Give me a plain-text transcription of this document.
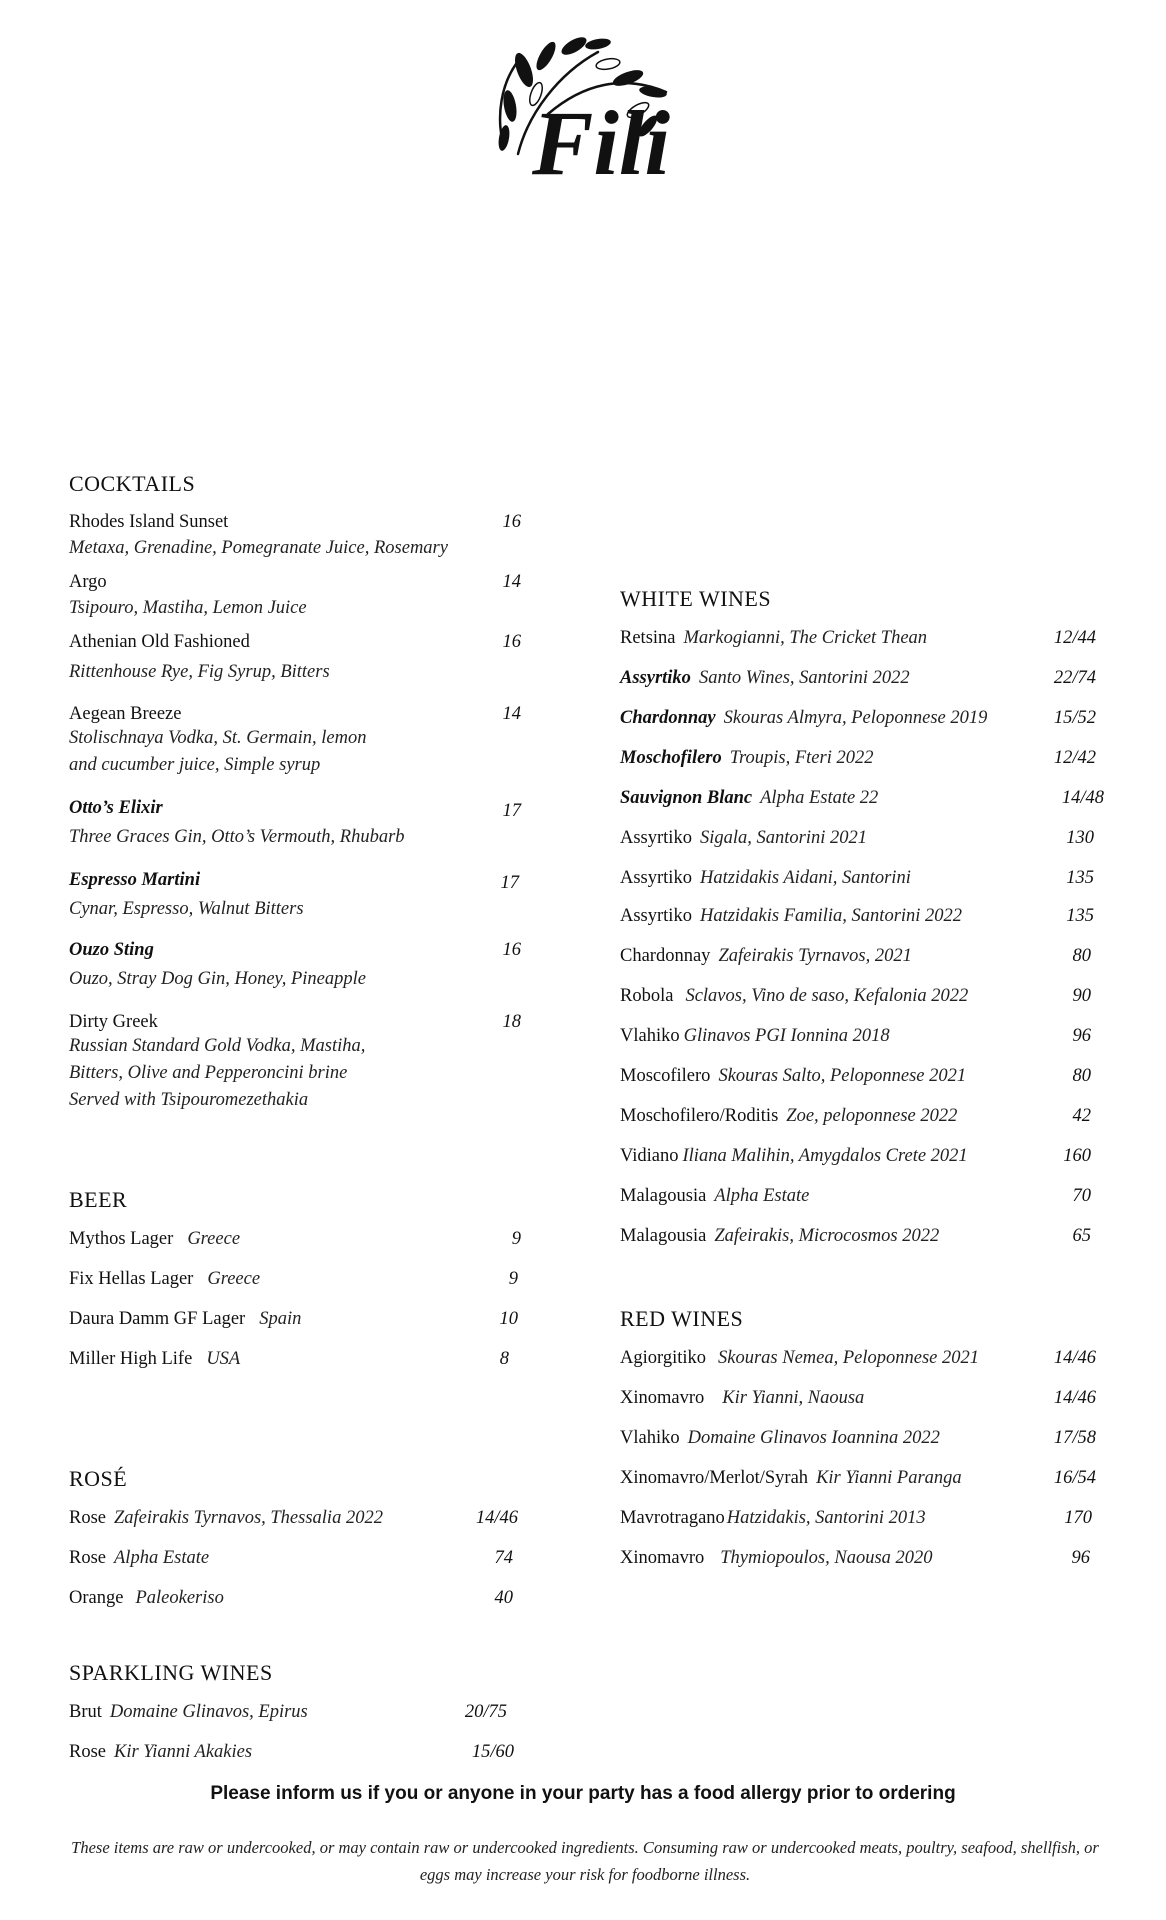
Fili
COCKTAILS
Rhodes Island Sunset	16
Metaxa, Grenadine, Pomegranate Juice, Rosemary
Argo	14
Tsipouro, Mastiha, Lemon Juice
Athenian Old Fashioned	16
Rittenhouse Rye, Fig Syrup, Bitters
Aegean Breeze	14
Stolischnaya Vodka, St. Germain, lemon
and cucumber juice, Simple syrup
Otto’s Elixir	17
Three Graces Gin, Otto’s Vermouth, Rhubarb
Espresso Martini	17
Cynar, Espresso, Walnut Bitters
Ouzo Sting	16
Ouzo, Stray Dog Gin, Honey, Pineapple
Dirty Greek	18
Russian Standard Gold Vodka, Mastiha,
Bitters, Olive and Pepperoncini brine
Served with Tsipouromezethakia
BEER
Mythos Lager Greece	9
Fix Hellas Lager Greece	9
Daura Damm GF Lager Spain	10
Miller High Life USA	8
ROSÉ
Rose Zafeirakis Tyrnavos, Thessalia 2022	14/46
Rose Alpha Estate	74
Orange Paleokeriso	40
SPARKLING WINES
Brut Domaine Glinavos, Epirus	20/75
Rose Kir Yianni Akakies	15/60
WHITE WINES
Retsina Markogianni, The Cricket Thean	12/44
Assyrtiko Santo Wines, Santorini 2022	22/74
Chardonnay Skouras Almyra, Peloponnese 2019	15/52
Moschofilero Troupis, Fteri 2022	12/42
Sauvignon Blanc Alpha Estate 22	14/48
Assyrtiko Sigala, Santorini 2021	130
Assyrtiko Hatzidakis Aidani, Santorini	135
Assyrtiko Hatzidakis Familia, Santorini 2022	135
Chardonnay Zafeirakis Tyrnavos, 2021	80
Robola Sclavos, Vino de saso, Kefalonia 2022	90
Vlahiko Glinavos PGI Ionnina 2018	96
Moscofilero Skouras Salto, Peloponnese 2021	80
Moschofilero/Roditis Zoe, peloponnese 2022	42
Vidiano Iliana Malihin, Amygdalos Crete 2021	160
Malagousia Alpha Estate	70
Malagousia Zafeirakis, Microcosmos 2022	65
RED WINES
Agiorgitiko Skouras Nemea, Peloponnese 2021	14/46
Xinomavro Kir Yianni, Naousa	14/46
Vlahiko Domaine Glinavos Ioannina 2022	17/58
Xinomavro/Merlot/Syrah Kir Yianni Paranga	16/54
Mavrotragano Hatzidakis, Santorini 2013	170
Xinomavro Thymiopoulos, Naousa 2020	96
Please inform us if you or anyone in your party has a food allergy prior to ordering
These items are raw or undercooked, or may contain raw or undercooked ingredients. Consuming raw or undercooked meats, poultry, seafood, shellfish, or eggs may increase your risk for foodborne illness.
